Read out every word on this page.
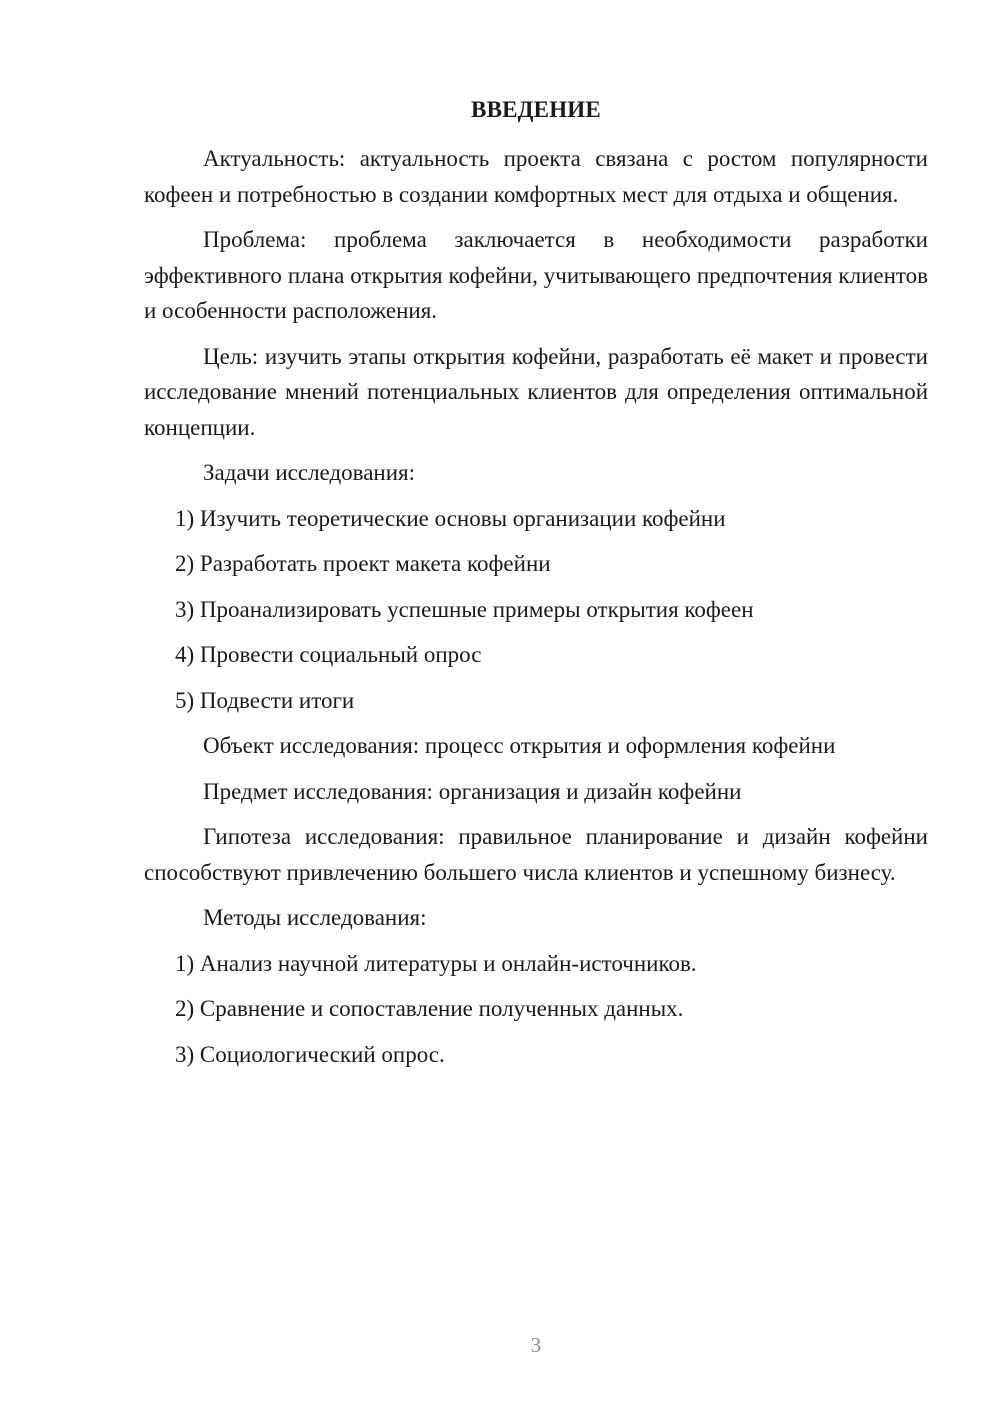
ВВЕДЕНИЕ

Актуальность: актуальность проекта связана с ростом популярности кофеен и потребностью в создании комфортных мест для отдыха и общения.

Проблема: проблема заключается в необходимости разработки эффективного плана открытия кофейни, учитывающего предпочтения клиентов и особенности расположения.

Цель: изучить этапы открытия кофейни, разработать её макет и провести исследование мнений потенциальных клиентов для определения оптимальной концепции.

Задачи исследования:
1) Изучить теоретические основы организации кофейни
2) Разработать проект макета кофейни
3) Проанализировать успешные примеры открытия кофеен
4) Провести социальный опрос
5) Подвести итоги
Объект исследования: процесс открытия и оформления кофейни
Предмет исследования: организация и дизайн кофейни

Гипотеза исследования: правильное планирование и дизайн кофейни способствуют привлечению большего числа клиентов и успешному бизнесу.

Методы исследования:
1) Анализ научной литературы и онлайн-источников.
2) Сравнение и сопоставление полученных данных.
3) Социологический опрос.
3
